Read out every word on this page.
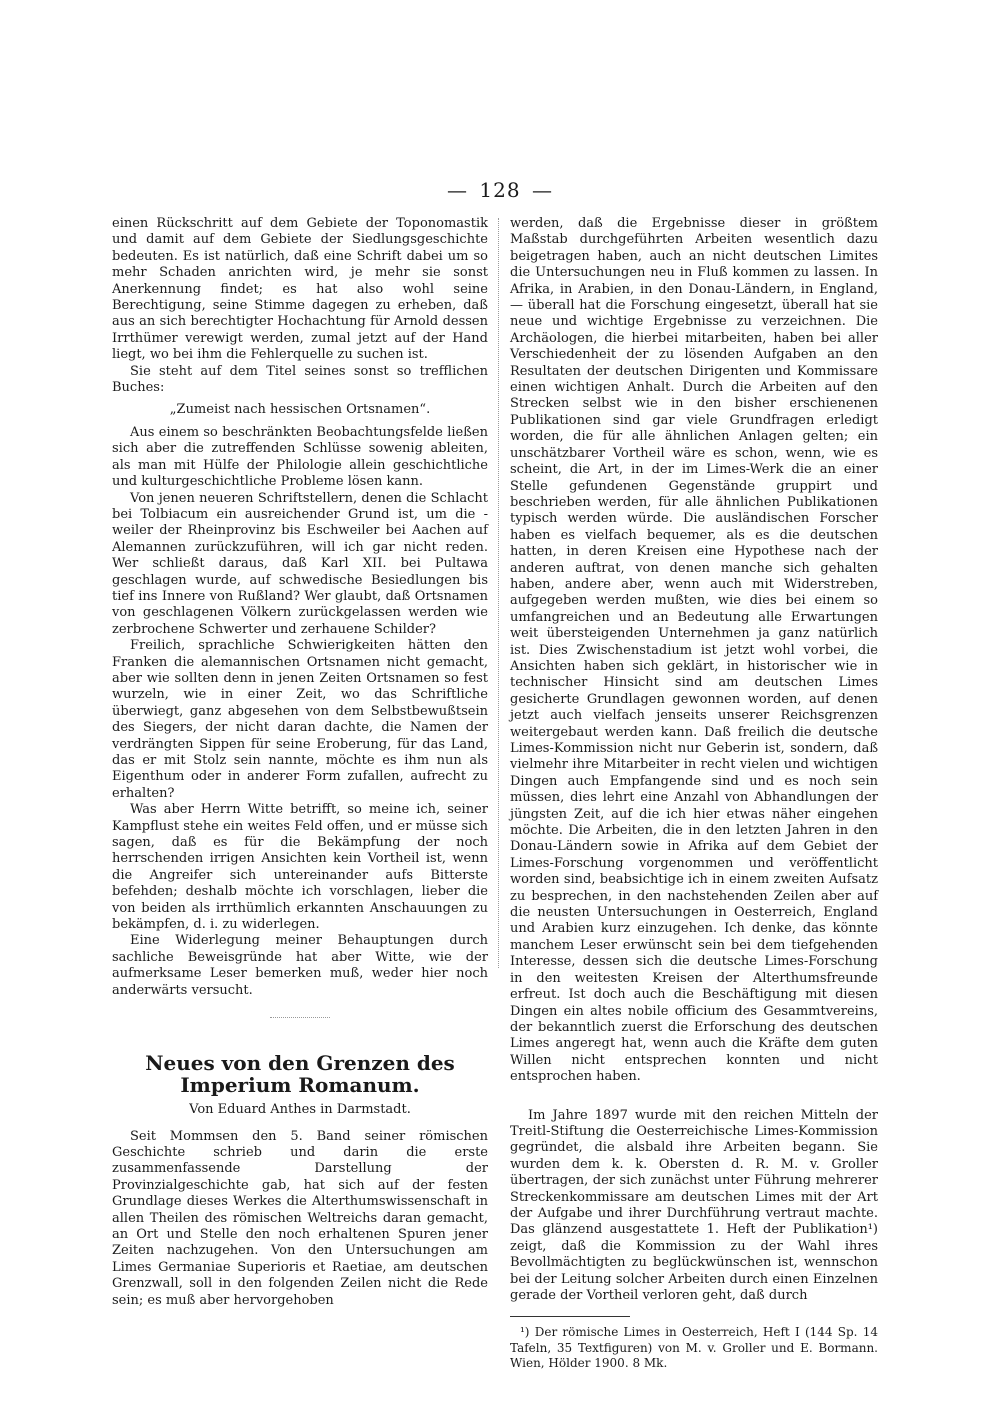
— 128 —

einen Rückschritt auf dem Gebiete der Toponomastik und damit auf dem Gebiete der Siedlungsgeschichte bedeuten. Es ist natürlich, daß eine Schrift dabei um so mehr Schaden anrichten wird, je mehr sie sonst Anerkennung findet; es hat also wohl seine Berechtigung, seine Stimme dagegen zu erheben, daß aus an sich berechtigter Hochachtung für Arnold dessen Irrthümer verewigt werden, zumal jetzt auf der Hand liegt, wo bei ihm die Fehlerquelle zu suchen ist.

Sie steht auf dem Titel seines sonst so trefflichen Buches:

„Zumeist nach hessischen Ortsnamen“.

Aus einem so beschränkten Beobachtungsfelde ließen sich aber die zutreffenden Schlüsse sowenig ableiten, als man mit Hülfe der Philologie allein geschichtliche und kulturgeschichtliche Probleme lösen kann.

Von jenen neueren Schriftstellern, denen die Schlacht bei Tolbiacum ein ausreichender Grund ist, um die -weiler der Rheinprovinz bis Eschweiler bei Aachen auf Alemannen zurückzuführen, will ich gar nicht reden. Wer schließt daraus, daß Karl XII. bei Pultawa geschlagen wurde, auf schwedische Besiedlungen bis tief ins Innere von Rußland? Wer glaubt, daß Ortsnamen von geschlagenen Völkern zurückgelassen werden wie zerbrochene Schwerter und zerhauene Schilder?

Freilich, sprachliche Schwierigkeiten hätten den Franken die alemannischen Ortsnamen nicht gemacht, aber wie sollten denn in jenen Zeiten Ortsnamen so fest wurzeln, wie in einer Zeit, wo das Schriftliche überwiegt, ganz abgesehen von dem Selbstbewußtsein des Siegers, der nicht daran dachte, die Namen der verdrängten Sippen für seine Eroberung, für das Land, das er mit Stolz sein nannte, möchte es ihm nun als Eigenthum oder in anderer Form zufallen, aufrecht zu erhalten?

Was aber Herrn Witte betrifft, so meine ich, seiner Kampflust stehe ein weites Feld offen, und er müsse sich sagen, daß es für die Bekämpfung der noch herrschenden irrigen Ansichten kein Vortheil ist, wenn die Angreifer sich untereinander aufs Bitterste befehden; deshalb möchte ich vorschlagen, lieber die von beiden als irrthümlich erkannten Anschauungen zu bekämpfen, d. i. zu widerlegen.

Eine Widerlegung meiner Behauptungen durch sachliche Beweisgründe hat aber Witte, wie der aufmerksame Leser bemerken muß, weder hier noch anderwärts versucht.

Neues von den Grenzen des Imperium Romanum.
Von Eduard Anthes in Darmstadt.

Seit Mommsen den 5. Band seiner römischen Geschichte schrieb und darin die erste zusammenfassende Darstellung der Provinzialgeschichte gab, hat sich auf der festen Grundlage dieses Werkes die Alterthumswissenschaft in allen Theilen des römischen Weltreichs daran gemacht, an Ort und Stelle den noch erhaltenen Spuren jener Zeiten nachzugehen. Von den Untersuchungen am Limes Germaniae Superioris et Raetiae, am deutschen Grenzwall, soll in den folgenden Zeilen nicht die Rede sein; es muß aber hervorgehoben

werden, daß die Ergebnisse dieser in größtem Maßstab durchgeführten Arbeiten wesentlich dazu beigetragen haben, auch an nicht deutschen Limites die Untersuchungen neu in Fluß kommen zu lassen. In Afrika, in Arabien, in den Donau-Ländern, in England, — überall hat die Forschung eingesetzt, überall hat sie neue und wichtige Ergebnisse zu verzeichnen. Die Archäologen, die hierbei mitarbeiten, haben bei aller Verschiedenheit der zu lösenden Aufgaben an den Resultaten der deutschen Dirigenten und Kommissare einen wichtigen Anhalt. Durch die Arbeiten auf den Strecken selbst wie in den bisher erschienenen Publikationen sind gar viele Grundfragen erledigt worden, die für alle ähnlichen Anlagen gelten; ein unschätzbarer Vortheil wäre es schon, wenn, wie es scheint, die Art, in der im Limes-Werk die an einer Stelle gefundenen Gegenstände gruppirt und beschrieben werden, für alle ähnlichen Publikationen typisch werden würde. Die ausländischen Forscher haben es vielfach bequemer, als es die deutschen hatten, in deren Kreisen eine Hypothese nach der anderen auftrat, von denen manche sich gehalten haben, andere aber, wenn auch mit Widerstreben, aufgegeben werden mußten, wie dies bei einem so umfangreichen und an Bedeutung alle Erwartungen weit übersteigenden Unternehmen ja ganz natürlich ist. Dies Zwischenstadium ist jetzt wohl vorbei, die Ansichten haben sich geklärt, in historischer wie in technischer Hinsicht sind am deutschen Limes gesicherte Grundlagen gewonnen worden, auf denen jetzt auch vielfach jenseits unserer Reichsgrenzen weitergebaut werden kann. Daß freilich die deutsche Limes-Kommission nicht nur Geberin ist, sondern, daß vielmehr ihre Mitarbeiter in recht vielen und wichtigen Dingen auch Empfangende sind und es noch sein müssen, dies lehrt eine Anzahl von Abhandlungen der jüngsten Zeit, auf die ich hier etwas näher eingehen möchte. Die Arbeiten, die in den letzten Jahren in den Donau-Ländern sowie in Afrika auf dem Gebiet der Limes-Forschung vorgenommen und veröffentlicht worden sind, beabsichtige ich in einem zweiten Aufsatz zu besprechen, in den nachstehenden Zeilen aber auf die neusten Untersuchungen in Oesterreich, England und Arabien kurz einzugehen. Ich denke, das könnte manchem Leser erwünscht sein bei dem tiefgehenden Interesse, dessen sich die deutsche Limes-Forschung in den weitesten Kreisen der Alterthumsfreunde erfreut. Ist doch auch die Beschäftigung mit diesen Dingen ein altes nobile officium des Gesammtvereins, der bekanntlich zuerst die Erforschung des deutschen Limes angeregt hat, wenn auch die Kräfte dem guten Willen nicht entsprechen konnten und nicht entsprochen haben.

Im Jahre 1897 wurde mit den reichen Mitteln der Treitl-Stiftung die Oesterreichische Limes-Kommission gegründet, die alsbald ihre Arbeiten begann. Sie wurden dem k. k. Obersten d. R. M. v. Groller übertragen, der sich zunächst unter Führung mehrerer Streckenkommissare am deutschen Limes mit der Art der Aufgabe und ihrer Durchführung vertraut machte. Das glänzend ausgestattete 1. Heft der Publikation¹) zeigt, daß die Kommission zu der Wahl ihres Bevollmächtigten zu beglückwünschen ist, wennschon bei der Leitung solcher Arbeiten durch einen Einzelnen gerade der Vortheil verloren geht, daß durch

¹) Der römische Limes in Oesterreich, Heft I (144 Sp. 14 Tafeln, 35 Textfiguren) von M. v. Groller und E. Bormann. Wien, Hölder 1900. 8 Mk.
